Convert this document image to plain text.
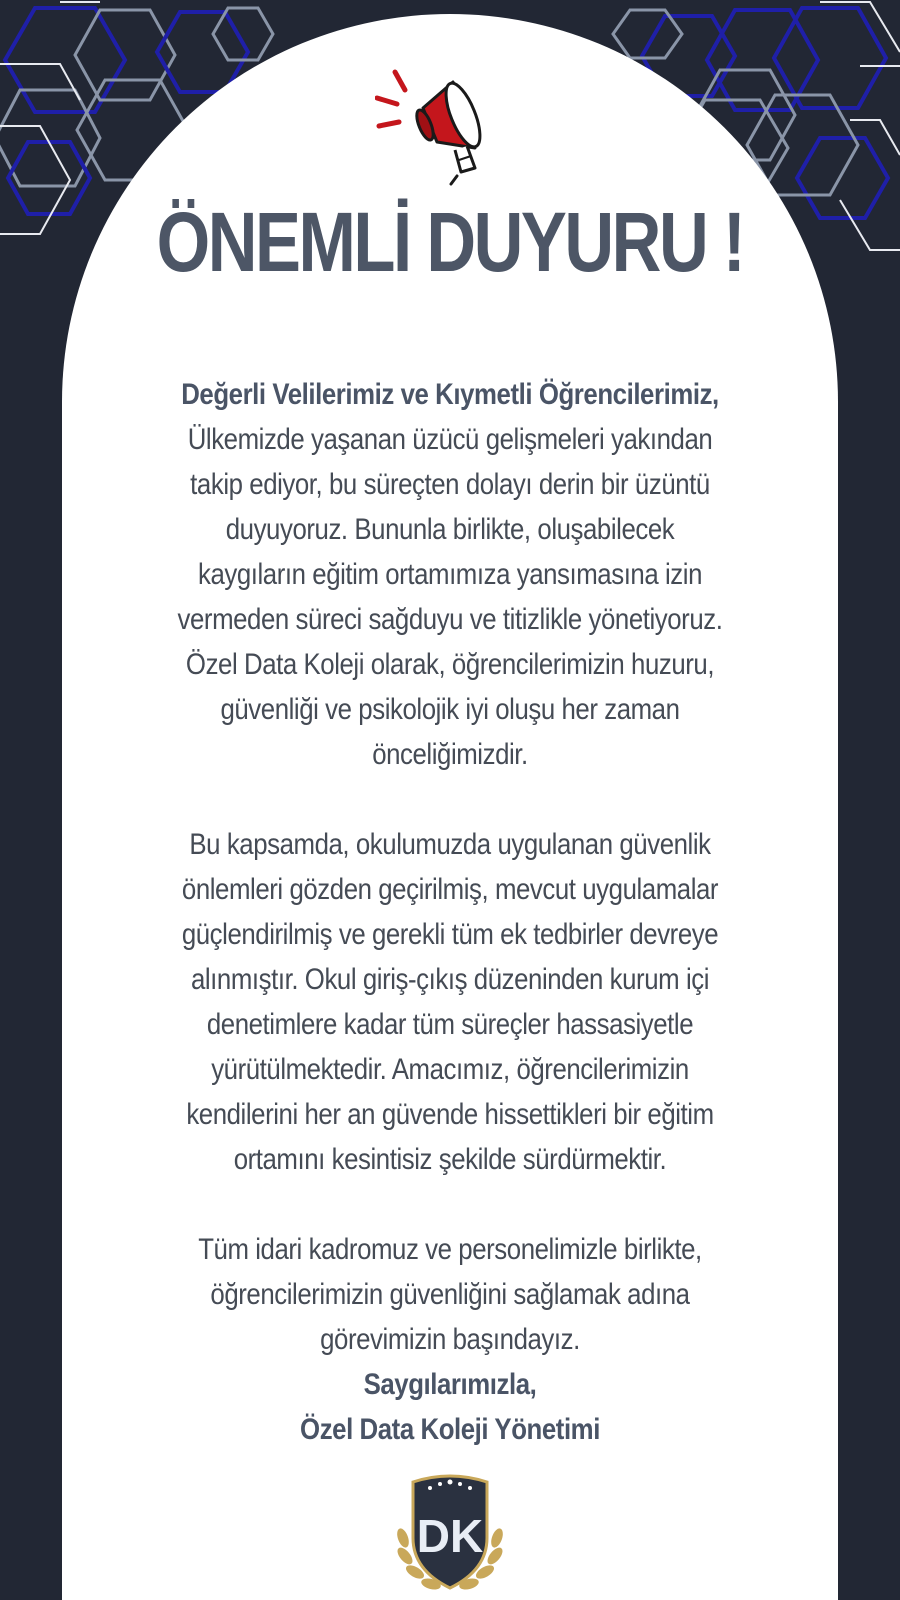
ÖNEMLİ DUYURU !
Değerli Velilerimiz ve Kıymetli Öğrencilerimiz,
Ülkemizde yaşanan üzücü gelişmeleri yakından
takip ediyor, bu süreçten dolayı derin bir üzüntü
duyuyoruz. Bununla birlikte, oluşabilecek
kaygıların eğitim ortamımıza yansımasına izin
vermeden süreci sağduyu ve titizlikle yönetiyoruz.
Özel Data Koleji olarak, öğrencilerimizin huzuru,
güvenliği ve psikolojik iyi oluşu her zaman
önceliğimizdir.
Bu kapsamda, okulumuzda uygulanan güvenlik
önlemleri gözden geçirilmiş, mevcut uygulamalar
güçlendirilmiş ve gerekli tüm ek tedbirler devreye
alınmıştır. Okul giriş-çıkış düzeninden kurum içi
denetimlere kadar tüm süreçler hassasiyetle
yürütülmektedir. Amacımız, öğrencilerimizin
kendilerini her an güvende hissettikleri bir eğitim
ortamını kesintisiz şekilde sürdürmektir.
Tüm idari kadromuz ve personelimizle birlikte,
öğrencilerimizin güvenliğini sağlamak adına
görevimizin başındayız.
Saygılarımızla,
Özel Data Koleji Yönetimi
DK
